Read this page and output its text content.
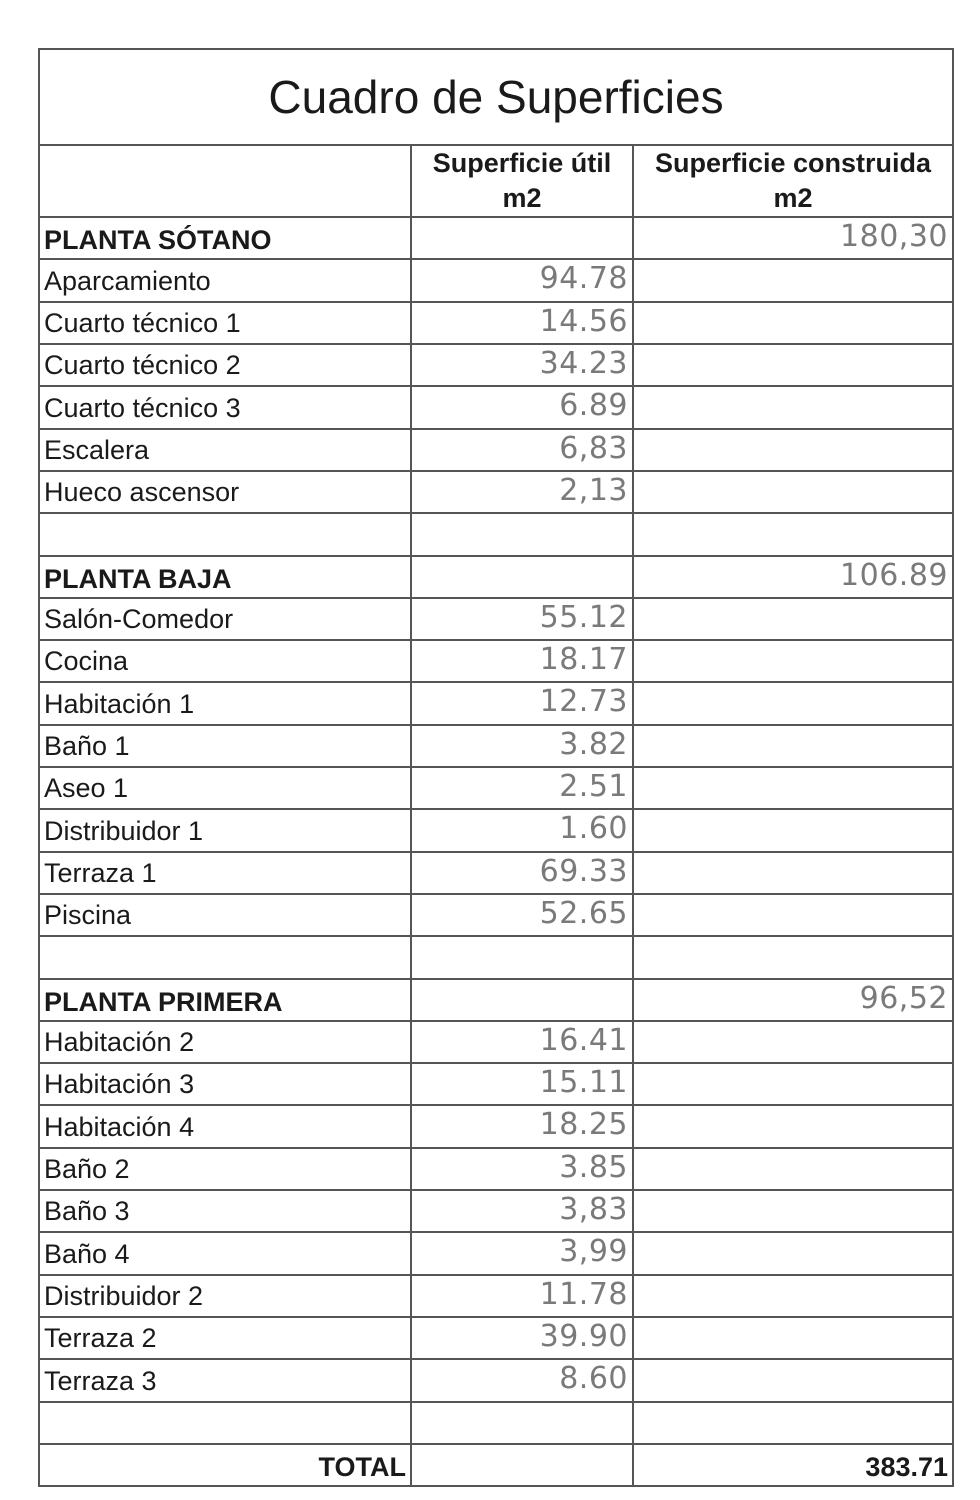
Cuadro de Superficies		
	Superficie útil m2	Superficie construida m2
PLANTA SÓTANO		180,30
Aparcamiento	94.78	
Cuarto técnico 1	14.56	
Cuarto técnico 2	34.23	
Cuarto técnico 3	6.89	
Escalera	6,83	
Hueco ascensor	2,13	

PLANTA BAJA		106.89
Salón-Comedor	55.12	
Cocina	18.17	
Habitación 1	12.73	
Baño 1	3.82	
Aseo 1	2.51	
Distribuidor 1	1.60	
Terraza 1	69.33	
Piscina	52.65	

PLANTA PRIMERA		96,52
Habitación 2	16.41	
Habitación 3	15.11	
Habitación 4	18.25	
Baño 2	3.85	
Baño 3	3,83	
Baño 4	3,99	
Distribuidor 2	11.78	
Terraza 2	39.90	
Terraza 3	8.60	

TOTAL		383.71
